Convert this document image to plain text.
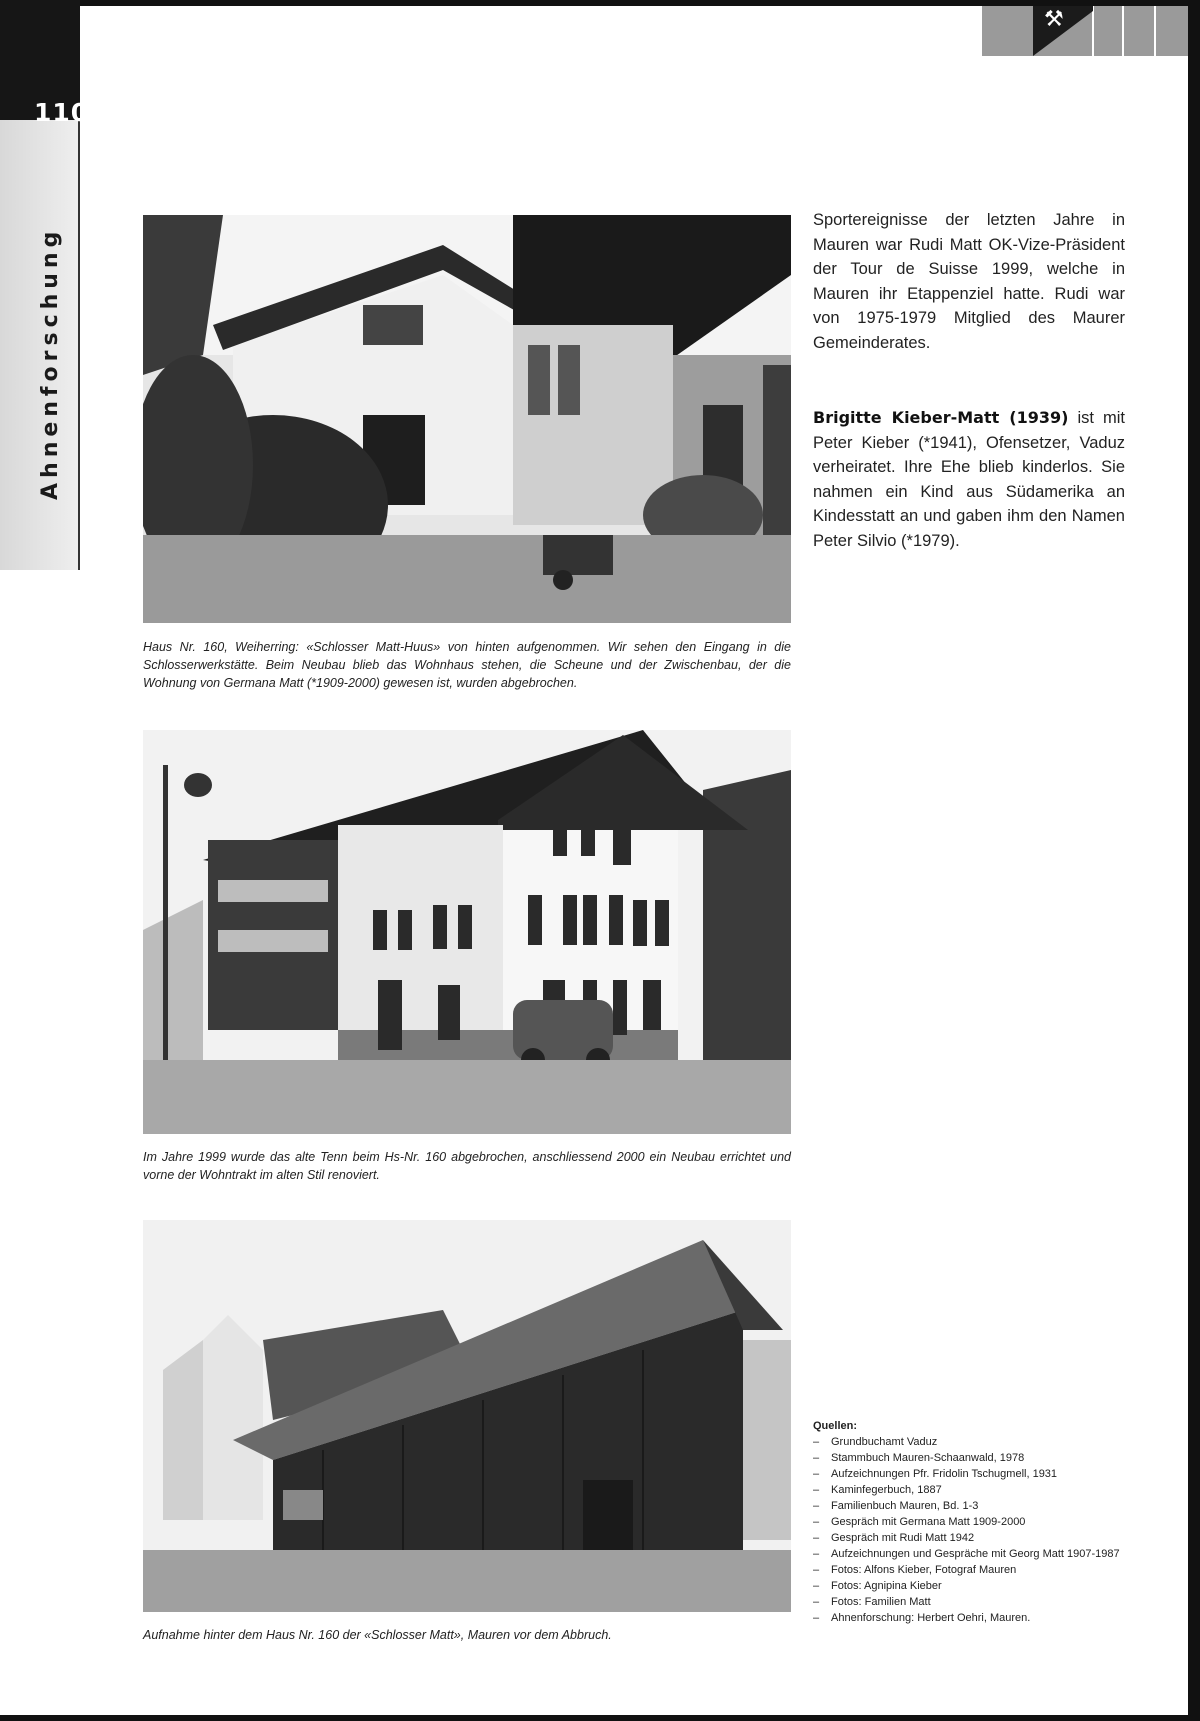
110
Ahnenforschung
⚒
Haus Nr. 160, Weiherring: «Schlosser Matt-Huus» von hinten aufgenommen. Wir sehen den Eingang in die Schlosserwerkstätte. Beim Neubau blieb das Wohnhaus stehen, die Scheune und der Zwischenbau, der die Wohnung von Germana Matt (*1909-2000) gewesen ist, wurden abgebrochen.
Im Jahre 1999 wurde das alte Tenn beim Hs-Nr. 160 abgebrochen, anschliessend 2000 ein Neubau errichtet und vorne der Wohntrakt im alten Stil renoviert.
Aufnahme hinter dem Haus Nr. 160 der «Schlosser Matt», Mauren vor dem Abbruch.
Sportereignisse der letzten Jahre in Mauren war Rudi Matt OK-Vize-Präsident der Tour de Suisse 1999, welche in Mauren ihr Etappenziel hatte. Rudi war von 1975-1979 Mitglied des Maurer Gemeinderates.
Brigitte Kieber-Matt (1939) ist mit Peter Kieber (*1941), Ofensetzer, Vaduz verheiratet. Ihre Ehe blieb kinderlos. Sie nahmen ein Kind aus Südamerika an Kindesstatt an und gaben ihm den Namen Peter Silvio (*1979).
Quellen:
– Grundbuchamt Vaduz
– Stammbuch Mauren-Schaanwald, 1978
– Aufzeichnungen Pfr. Fridolin Tschugmell, 1931
– Kaminfegerbuch, 1887
– Familienbuch Mauren, Bd. 1-3
– Gespräch mit Germana Matt 1909-2000
– Gespräch mit Rudi Matt 1942
– Aufzeichnungen und Gespräche mit Georg Matt 1907-1987
– Fotos: Alfons Kieber, Fotograf Mauren
– Fotos: Agnipina Kieber
– Fotos: Familien Matt
– Ahnenforschung: Herbert Oehri, Mauren.
